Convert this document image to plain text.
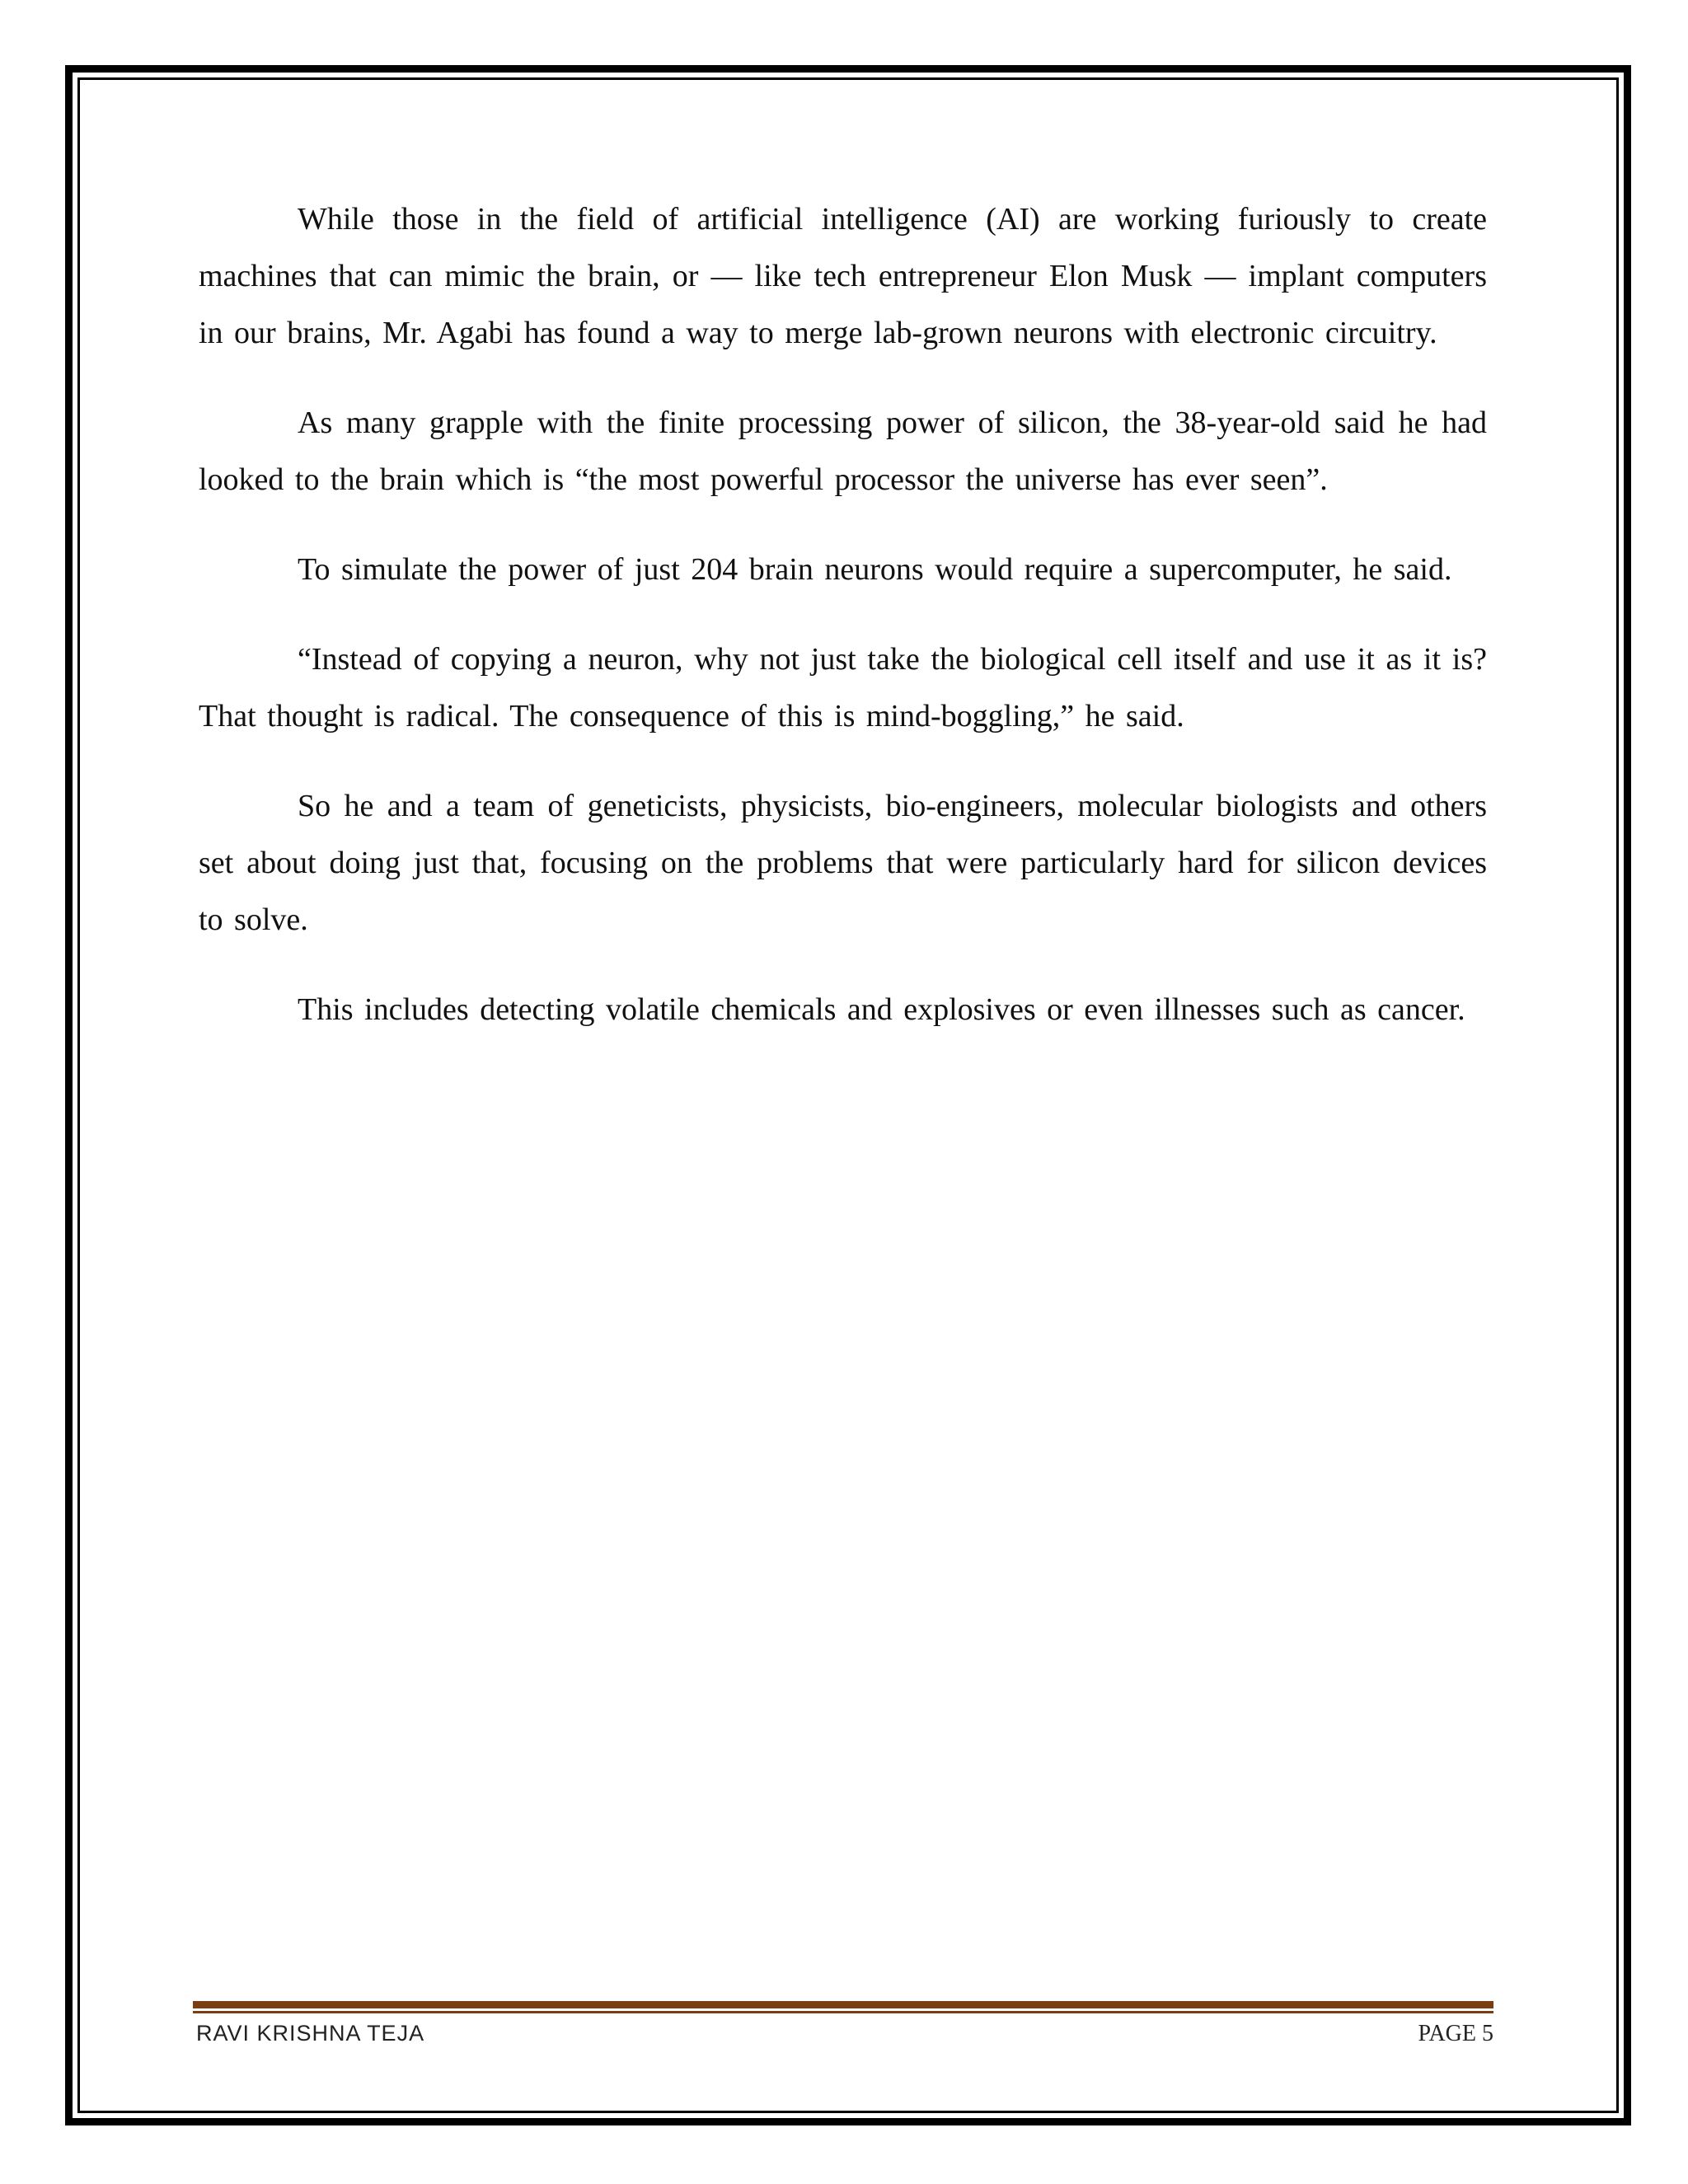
While those in the field of artificial intelligence (AI) are working furiously to create machines that can mimic the brain, or — like tech entrepreneur Elon Musk — implant computers in our brains, Mr. Agabi has found a way to merge lab-grown neurons with electronic circuitry.

As many grapple with the finite processing power of silicon, the 38-year-old said he had looked to the brain which is “the most powerful processor the universe has ever seen”.

To simulate the power of just 204 brain neurons would require a supercomputer, he said.

“Instead of copying a neuron, why not just take the biological cell itself and use it as it is? That thought is radical. The consequence of this is mind-boggling,” he said.

So he and a team of geneticists, physicists, bio-engineers, molecular biologists and others set about doing just that, focusing on the problems that were particularly hard for silicon devices to solve.

This includes detecting volatile chemicals and explosives or even illnesses such as cancer.

RAVI KRISHNA TEJA	PAGE 5
